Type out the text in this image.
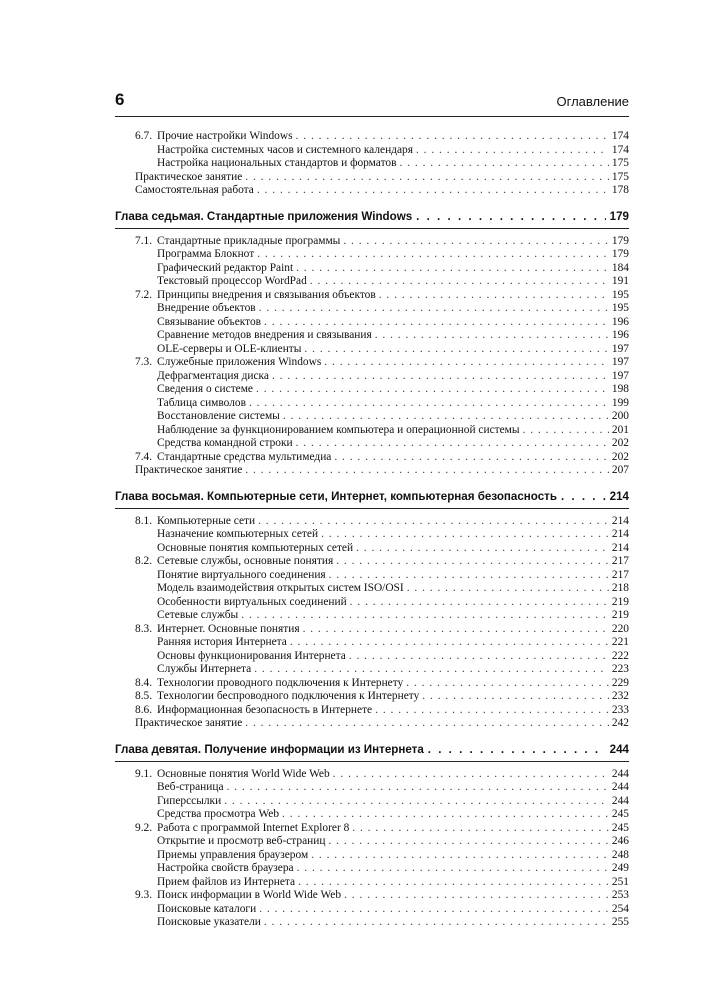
6	Оглавление
6.7. Прочие настройки Windows . . .	174
Настройка системных часов и системного календаря . . .	174
Настройка национальных стандартов и форматов . . .	175
Практическое занятие . . .	175
Самостоятельная работа . . .	178
Глава седьмая. Стандартные приложения Windows . . .	179
7.1. Стандартные прикладные программы . . .	179
Программа Блокнот . . .	179
Графический редактор Paint . . .	184
Текстовый процессор WordPad . . .	191
7.2. Принципы внедрения и связывания объектов . . .	195
Внедрение объектов . . .	195
Связывание объектов . . .	196
Сравнение методов внедрения и связывания . . .	196
OLE-серверы и OLE-клиенты . . .	197
7.3. Служебные приложения Windows . . .	197
Дефрагментация диска . . .	197
Сведения о системе . . .	198
Таблица символов . . .	199
Восстановление системы . . .	200
Наблюдение за функционированием компьютера и операционной системы . . .	201
Средства командной строки . . .	202
7.4. Стандартные средства мультимедиа . . .	202
Практическое занятие . . .	207
Глава восьмая. Компьютерные сети, Интернет, компьютерная безопасность . . .	214
8.1. Компьютерные сети . . .	214
Назначение компьютерных сетей . . .	214
Основные понятия компьютерных сетей . . .	214
8.2. Сетевые службы, основные понятия . . .	217
Понятие виртуального соединения . . .	217
Модель взаимодействия открытых систем ISO/OSI . . .	218
Особенности виртуальных соединений . . .	219
Сетевые службы . . .	219
8.3. Интернет. Основные понятия . . .	220
Ранняя история Интернета . . .	221
Основы функционирования Интернета . . .	222
Службы Интернета . . .	223
8.4. Технологии проводного подключения к Интернету . . .	229
8.5. Технологии беспроводного подключения к Интернету . . .	232
8.6. Информационная безопасность в Интернете . . .	233
Практическое занятие . . .	242
Глава девятая. Получение информации из Интернета . . .	244
9.1. Основные понятия World Wide Web . . .	244
Веб-страница . . .	244
Гиперссылки . . .	244
Средства просмотра Web . . .	245
9.2. Работа с программой Internet Explorer 8 . . .	245
Открытие и просмотр веб-страниц . . .	246
Приемы управления браузером . . .	248
Настройка свойств браузера . . .	249
Прием файлов из Интернета . . .	251
9.3. Поиск информации в World Wide Web . . .	253
Поисковые каталоги . . .	254
Поисковые указатели . . .	255
